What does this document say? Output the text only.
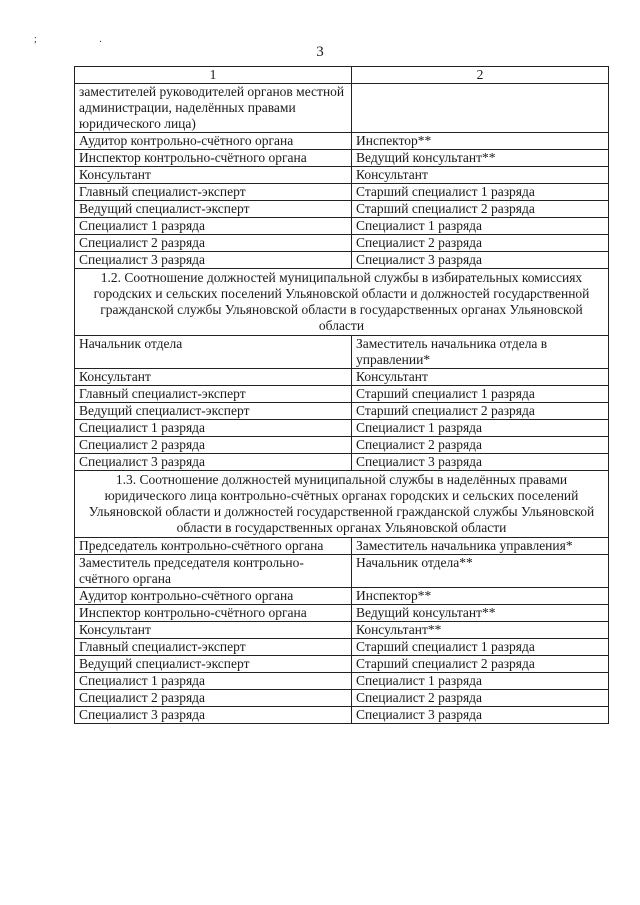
; .
3
1	2
заместителей руководителей органов местной администрации, наделённых правами юридического лица)	
Аудитор контрольно-счётного органа	Инспектор**
Инспектор контрольно-счётного органа	Ведущий консультант**
Консультант	Консультант
Главный специалист-эксперт	Старший специалист 1 разряда
Ведущий специалист-эксперт	Старший специалист 2 разряда
Специалист 1 разряда	Специалист 1 разряда
Специалист 2 разряда	Специалист 2 разряда
Специалист 3 разряда	Специалист 3 разряда
1.2. Соотношение должностей муниципальной службы в избирательных комиссиях городских и сельских поселений Ульяновской области и должностей государственной гражданской службы Ульяновской области в государственных органах Ульяновской области	
Начальник отдела	Заместитель начальника отдела в управлении*
Консультант	Консультант
Главный специалист-эксперт	Старший специалист 1 разряда
Ведущий специалист-эксперт	Старший специалист 2 разряда
Специалист 1 разряда	Специалист 1 разряда
Специалист 2 разряда	Специалист 2 разряда
Специалист 3 разряда	Специалист 3 разряда
1.3. Соотношение должностей муниципальной службы в наделённых правами юридического лица контрольно-счётных органах городских и сельских поселений Ульяновской области и должностей государственной гражданской службы Ульяновской области в государственных органах Ульяновской области	
Председатель контрольно-счётного органа	Заместитель начальника управления*
Заместитель председателя контрольно-счётного органа	Начальник отдела**
Аудитор контрольно-счётного органа	Инспектор**
Инспектор контрольно-счётного органа	Ведущий консультант**
Консультант	Консультант**
Главный специалист-эксперт	Старший специалист 1 разряда
Ведущий специалист-эксперт	Старший специалист 2 разряда
Специалист 1 разряда	Специалист 1 разряда
Специалист 2 разряда	Специалист 2 разряда
Специалист 3 разряда	Специалист 3 разряда
